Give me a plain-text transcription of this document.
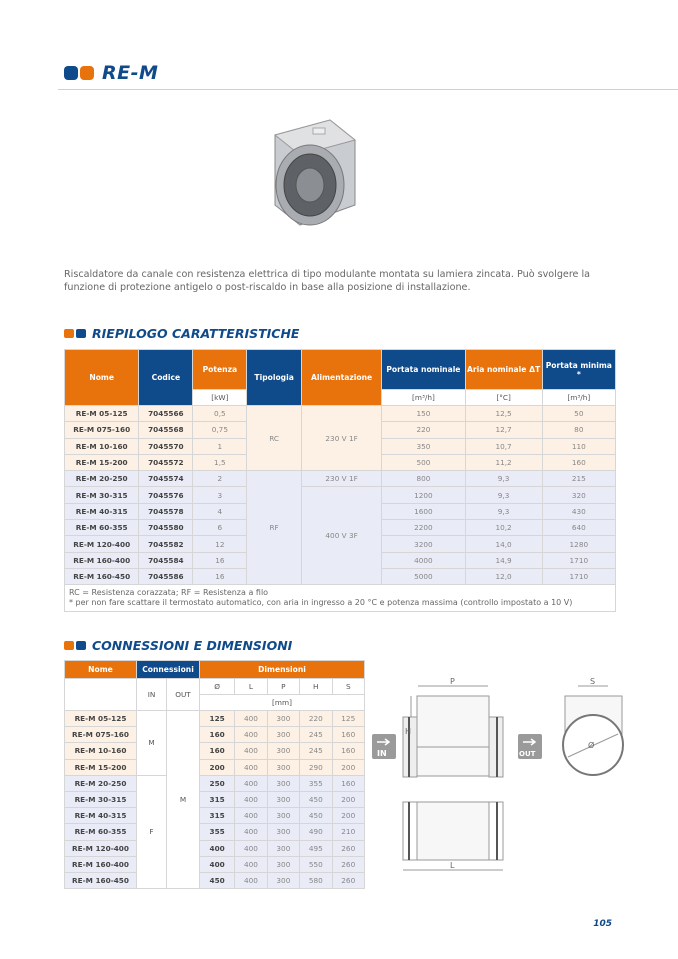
RE-M
Riscaldatore da canale con resistenza elettrica di tipo modulante montata su lamiera zincata. Può svolgere la funzione di protezione antigelo o post-riscaldo in base alla posizione di installazione.
RIEPILOGO CARATTERISTICHE
Nome	Codice	Potenza	Tipologia	Alimentazione	Portata nominale	Aria nominale ΔT	Portata minima *
		[kW]			[m³/h]	[°C]	[m³/h]
RE-M 05-125	7045566	0,5	RC	230 V 1F	150	12,5	50
RE-M 075-160	7045568	0,75			220	12,7	80
RE-M 10-160	7045570	1			350	10,7	110
RE-M 15-200	7045572	1,5			500	11,2	160
RE-M 20-250	7045574	2	RF	230 V 1F	800	9,3	215
RE-M 30-315	7045576	3		400 V 3F	1200	9,3	320
RE-M 40-315	7045578	4			1600	9,3	430
RE-M 60-355	7045580	6			2200	10,2	640
RE-M 120-400	7045582	12			3200	14,0	1280
RE-M 160-400	7045584	16			4000	14,9	1710
RE-M 160-450	7045586	16			5000	12,0	1710

RC = Resistenza corazzata; RF = Resistenza a filo
* per non fare scattare il termostato automatico, con aria in ingresso a 20 °C e potenza massima (controllo impostato a 10 V)							
CONNESSIONI E DIMENSIONI
Nome	Connessioni		Dimensioni				
	IN	OUT	Ø	L	P	H	S
			[mm]				
RE-M 05-125	M	M	125	400	300	220	125
RE-M 075-160			160	400	300	245	160
RE-M 10-160			160	400	300	245	160
RE-M 15-200			200	400	300	290	200
RE-M 20-250	F		250	400	300	355	160
RE-M 30-315			315	400	300	450	200
RE-M 40-315			315	400	300	450	200
RE-M 60-355			355	400	300	490	210
RE-M 120-400			400	400	300	495	260
RE-M 160-400			400	400	300	550	260
RE-M 160-450			450	400	300	580	260
IN	OUT
P	S
H
L
Ø
105
